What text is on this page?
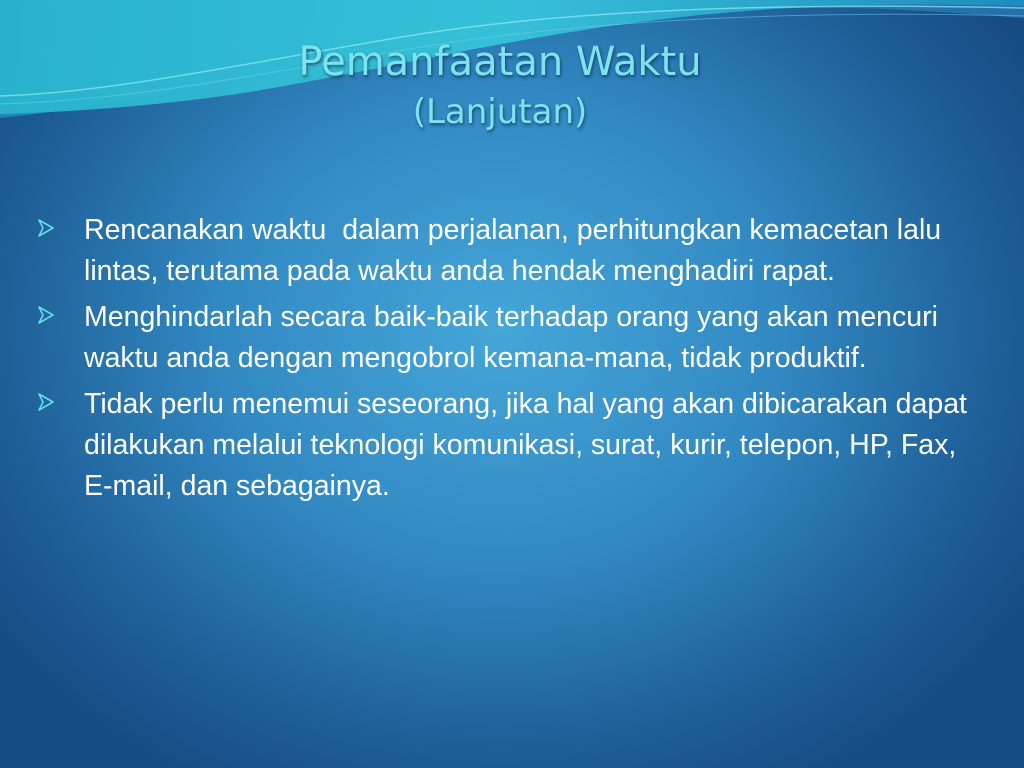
Pemanfaatan Waktu
(Lanjutan)
Rencanakan waktu  dalam perjalanan, perhitungkan kemacetan lalu lintas, terutama pada waktu anda hendak menghadiri rapat.
Menghindarlah secara baik-baik terhadap orang yang akan mencuri waktu anda dengan mengobrol kemana-mana, tidak produktif.
Tidak perlu menemui seseorang, jika hal yang akan dibicarakan dapat dilakukan melalui teknologi komunikasi, surat, kurir, telepon, HP, Fax, E-mail, dan sebagainya.
